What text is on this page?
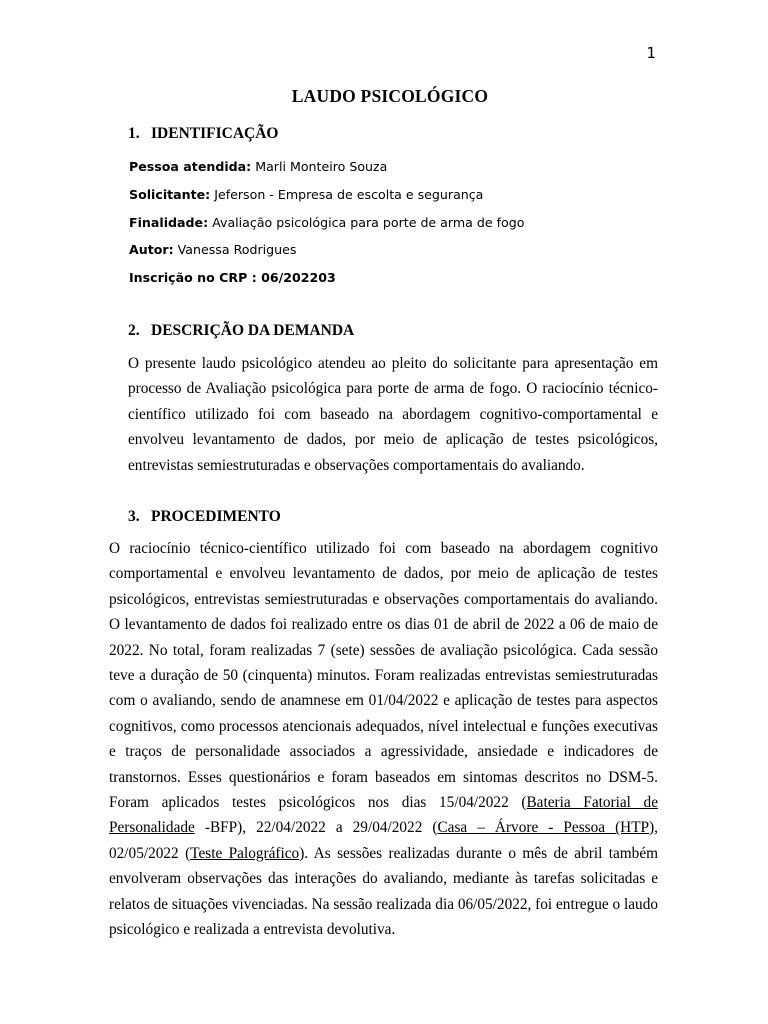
1
LAUDO PSICOLÓGICO
1. IDENTIFICAÇÃO
Pessoa atendida: Marli Monteiro Souza
Solicitante: Jeferson - Empresa de escolta e segurança
Finalidade: Avaliação psicológica para porte de arma de fogo
Autor: Vanessa Rodrigues
Inscrição no CRP : 06/202203
2. DESCRIÇÃO DA DEMANDA

O presente laudo psicológico atendeu ao pleito do solicitante para apresentação em processo de Avaliação psicológica para porte de arma de fogo. O raciocínio técnico-científico utilizado foi com baseado na abordagem cognitivo-comportamental e envolveu levantamento de dados, por meio de aplicação de testes psicológicos, entrevistas semiestruturadas e observações comportamentais do avaliando.

3. PROCEDIMENTO

O raciocínio técnico-científico utilizado foi com baseado na abordagem cognitivo comportamental e envolveu levantamento de dados, por meio de aplicação de testes psicológicos, entrevistas semiestruturadas e observações comportamentais do avaliando. O levantamento de dados foi realizado entre os dias 01 de abril de 2022 a 06 de maio de 2022. No total, foram realizadas 7 (sete) sessões de avaliação psicológica. Cada sessão teve a duração de 50 (cinquenta) minutos. Foram realizadas entrevistas semiestruturadas com o avaliando, sendo de anamnese em 01/04/2022 e aplicação de testes para aspectos cognitivos, como processos atencionais adequados, nível intelectual e funções executivas e traços de personalidade associados a agressividade, ansiedade e indicadores de transtornos. Esses questionários e foram baseados em sintomas descritos no DSM-5. Foram aplicados testes psicológicos nos dias 15/04/2022 (Bateria Fatorial de Personalidade -BFP), 22/04/2022 a 29/04/2022 (Casa – Árvore - Pessoa (HTP), 02/05/2022 (Teste Palográfico). As sessões realizadas durante o mês de abril também envolveram observações das interações do avaliando, mediante às tarefas solicitadas e relatos de situações vivenciadas. Na sessão realizada dia 06/05/2022, foi entregue o laudo psicológico e realizada a entrevista devolutiva.
